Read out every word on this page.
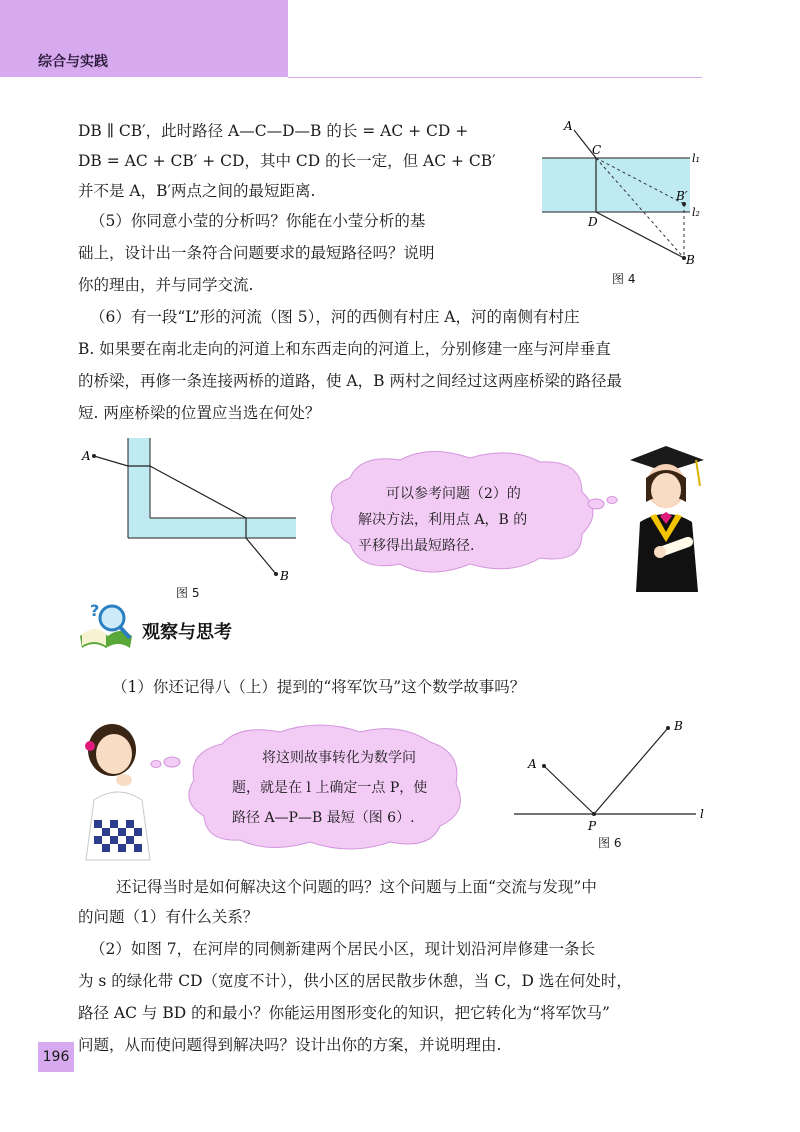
综合与实践

DB ∥ CB′，此时路径 A—C—D—B 的长 = AC + CD +

DB = AC + CB′ + CD，其中 CD 的长一定，但 AC + CB′

并不是 A，B′两点之间的最短距离.

（5）你同意小莹的分析吗？你能在小莹分析的基

础上，设计出一条符合问题要求的最短路径吗？说明

你的理由，并与同学交流.

A
C
l₁
B′
l₂
D
B
图 4

（6）有一段“L”形的河流（图 5），河的西侧有村庄 A，河的南侧有村庄

B. 如果要在南北走向的河道上和东西走向的河道上，分别修建一座与河岸垂直

的桥梁，再修一条连接两桥的道路，使 A，B 两村之间经过这两座桥梁的路径最

短. 两座桥梁的位置应当选在何处？

A
B
图 5

可以参考问题（2）的

解决方法，利用点 A，B 的

平移得出最短路径.

?
观察与思考

（1）你还记得八（上）提到的“将军饮马”这个数学故事吗？

将这则故事转化为数学问

题，就是在 l 上确定一点 P，使

路径 A—P—B 最短（图 6）.

A
B
P
l
图 6

还记得当时是如何解决这个问题的吗？这个问题与上面“交流与发现”中

的问题（1）有什么关系？

（2）如图 7，在河岸的同侧新建两个居民小区，现计划沿河岸修建一条长

为 s 的绿化带 CD（宽度不计），供小区的居民散步休憩，当 C，D 选在何处时，

路径 AC 与 BD 的和最小？你能运用图形变化的知识，把它转化为“将军饮马”

问题，从而使问题得到解决吗？设计出你的方案，并说明理由.

196
